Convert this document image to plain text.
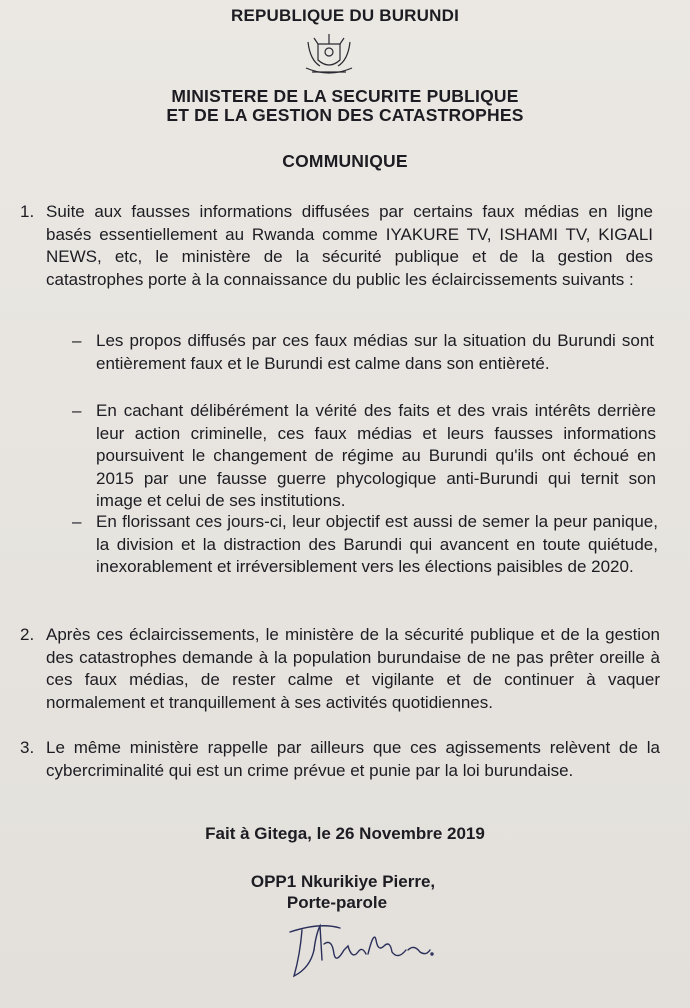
REPUBLIQUE DU BURUNDI
MINISTERE DE LA SECURITE PUBLIQUE
ET DE LA GESTION DES CATASTROPHES
COMMUNIQUE
1. Suite aux fausses informations diffusées par certains faux médias en ligne basés essentiellement au Rwanda comme IYAKURE TV, ISHAMI TV, KIGALI NEWS, etc, le ministère de la sécurité publique et de la gestion des catastrophes porte à la connaissance du public les éclaircissements suivants :
– Les propos diffusés par ces faux médias sur la situation du Burundi sont entièrement faux et le Burundi est calme dans son entièreté.
– En cachant délibérément la vérité des faits et des vrais intérêts derrière leur action criminelle, ces faux médias et leurs fausses informations poursuivent le changement de régime au Burundi qu'ils ont échoué en 2015 par une fausse guerre phycologique anti-Burundi qui ternit son image et celui de ses institutions.
– En florissant ces jours-ci, leur objectif est aussi de semer la peur panique, la division et la distraction des Barundi qui avancent en toute quiétude, inexorablement et irréversiblement vers les élections paisibles de 2020.
2. Après ces éclaircissements, le ministère de la sécurité publique et de la gestion des catastrophes demande à la population burundaise de ne pas prêter oreille à ces faux médias, de rester calme et vigilante et de continuer à vaquer normalement et tranquillement à ses activités quotidiennes.
3. Le même ministère rappelle par ailleurs que ces agissements relèvent de la cybercriminalité qui est un crime prévue et punie par la loi burundaise.
Fait à Gitega, le 26 Novembre 2019
OPP1 Nkurikiye Pierre,
Porte-parole
